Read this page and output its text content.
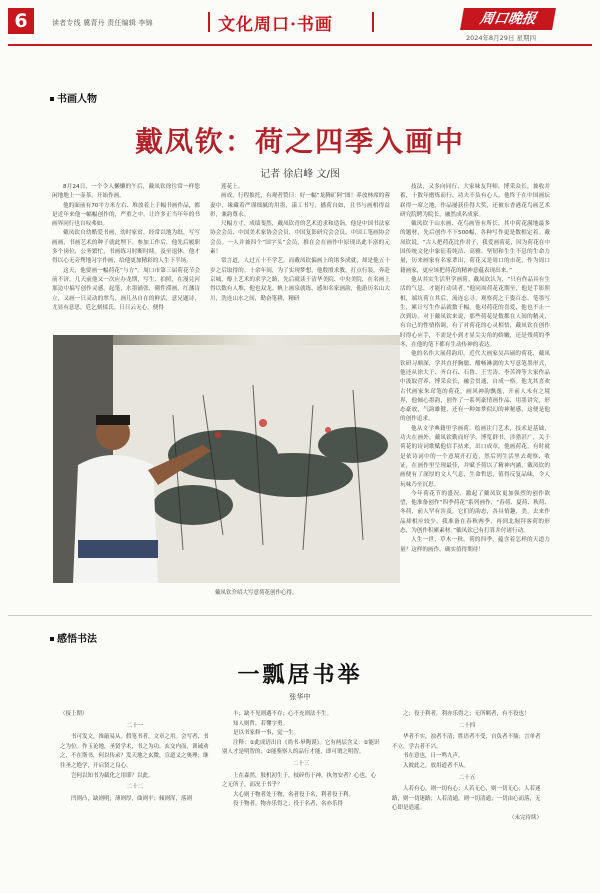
6	读者专线 冀青丹 责任编辑 李锦	文化周口·书画	周口晚报
2024年8月29日 星期四
书画人物
戴凤钦：荷之四季入画中
记者 徐启峰 文/图

8月24日，一个令人懒懒的午后，戴凤钦徐往常一样您闲地地上一壶茶，开始作画。

他的面前有70平方米左右、堆放着上千幅书画作品，都是近年来他一幅幅创作的，严重之中，让许多正当年年的书画界同行也自叹弗如。

戴凤钦自幼酷爱书画，幼时家贫，经常以地为纸，写写画画，书画艺术的种子就此埋下。参加工作后，他先后履职多个岗位，公务繁忙，书画练习时断时续。及至退休，他才得以心无旁骛地习字作画，给他更加精彩的人生下半场。

这天，他要画一幅荷花“与方”。周口市第三届荷花节会前不济，几天前他又一次应办龙期，写生、拍照，在漫兑河那边中搞写创作灵感。起笔，水墨铺张，砌件滞画，红藩诗立，又画一只灵动的翠鸟，画儿丛自在的鲜活，意兄题诗，尤显有意思，卮乞刻揉氏。日日云无心，便得

莲花上。

画成，行程推托，有观者赞曰：好一幅“龙腾矿阿”图！养放林席的蓉妻中，缘藏着严谨细腻的用墨，漾工书写，播荷自如，且书与画相得益彰，兼韵尊永。

尺幅方寸，成绩斐然，戴凤钦青的艺术追求和造诣，他是中国书法家协会会员、中国美术家协会会员、中国复影研究会会员、中国工笔画协会会员。一人并兼四个“国字头”会员，推在会在画作中原现出此丰富的元素！

常言道，人过五十不学艺。而戴凤钦偏画上的诸多成就，却是他五十岁之后取得的。十余年间，为了实现梦想，他殷殷求教，打点行装，奔赴京城，醇上艺术的求学之路，先后就读于清华美院、中央美院，在名画上得以数有人堆，他也双龙、帆上画泉就练，感知名家画韵，他游历名山大川，洗连山水之间，勤奋笔耕，精研

技法，又多向同行、大家味友拜师，博采众长，兼收并蓄，十数年磨炼而行，功夫不负有心人，他终于在中国画坛崭得一席之地，作品屡获佳得大奖，还被东香港花鸟画艺术研究院聘为院长，融然成名成家。

戴凤钦于山水画、花鸟画皆有所长，其中荷花满地最多的题材，先后创作不下500幅，各种写作更是数相定着。戴凤钦说，“古人把荷花比作君子，我爱画荷花，因为荷花在中国传统文化中象征着纯洁、高雅、坚韧和生生不息的生命力量，历来画家有名家辈出，荷花又是周口的市花，作为周口籍画家，更应该把荷花的精神意蕴表现出来。”

他从其实生活里学画荷。戴凤钦认为，“只有作品具有生活的气息，才能打动读者。”他同周荷花花期至，他是手影照相，端坑荷立其后，流连忘寻，观察荷之千姿百态、笔墨写生，累计写生作品就数千幅。他对荷花的喜爱，他也不止一次到访。对于戴凤钦来说，那些荷花是数都在人间的精灵，有自己的性情格调，有了对荷花的心灵相悟，戴凤钦在创作时得心应手，不需是小到才显尖尖角的娇嫩，还是残荷的季冬，在他的笔下都有生动传神的表达。

他的名作大展荷韵印。近代大画家吴昌硕的荷花，戴凤钦研习颇深，学其直抒胸臆、酣畅淋漓的大写意笔墨形式，他还从徐大千、齐白石、石鲁、王雪涛、李苦禅等大家作品中汲取营养，博采众长，融会贯通，自成一格。他尤其喜欢古代画家朱耷笔的荷花，画风神韵飘逸，开前人未有之境界，他倾心墨韵，创作了一系列豪情画作品，用墨讲究，形态豪放，气韵雄健，还有一种如梦似幻的神秘感，这便是他的创作追求。

他从文学典籍里学画荷。绘画注门艺术，技术是基础，功夫在画外。戴凤钦勤而好学，博览群书，涉猎甚广，关于荷花的诗词歌赋他信手拈来，出口成章，他画荷花，有时就是依诗词中的一个意境开打造，然后列生活里去观察、收证，在画作里呈现最佳，并赋予荷以了精神内涵，戴凤钦的画便有了深厚的文人气息，生命哲思，值得反复品味，令人玩味乃至沉思。

今年荷花节的盛况，激起了戴凤钦更加强烈的创作欲望，他准备创作“四季荷花”系列画作，“春荷、夏荷、秋荷、冬荷，前人罕有涉及，它们的韵态，各具情趣，美，去来作品却相应较少，我准备在春秋两季，再到北堀拜客荷的形态，为创作积累素材。”戴凤钦已有打算并付诸行动。

人生一世，草木一秋。荷的四季，蕴含着怎样的天道力量？这样的画作，确实值得期待！

戴凤钦介绍大写意荷花创作心得。
感悟书法
一瓢居书举
张华中
（接上期）
二十一

书可发文，推敲易从。假笔书者，文章之用。会写者，书之为位。作玉论地，圣贤学术，书之为功。玄交内而，训诫劝之，不在斯书，何以传录？发天地之玄微，宣道义之奥理；继往圣之绝学，开启贤之良心。

岂何以知书为截化之用耶？以此。

二十二

凹则凸，缺则明；薄则厚，曲则平；倾则浑，落则

丰；缺不见则遇不存；心不充则法不生。

知人则哲，若懂字勇。

是以书家修一事，觉一生。

注释：①此成语出自《尚书·皋陶谟》。它有两层含义：①能识别人才是明智的；②能鉴察人的品行才能，即可谓之明智。

二十三

上在森然，肢机初生于，枝碎伤于神，执勿安者？心也。心之无所子，而况于书乎？

大心则于物者处于物，名者役于名，利者役于利。

役于物者，物亦乐得之；役于名者，名亦乐得

之；役于利者，利亦乐得之；无所羁者，有不役也！

二十四

华者不实，浊者不清；胜语者不受，自负者不鼎；言单者不立，学古者不兴。

书在意也，日一鸣九声。

入彼此之，放用道者不从。

二十五

人若有心，则一切有心；人若无心，则一切无心；人若迷路，则一切迷路；人若清通，则一切清通；一切由心而落，无心即是逍遥。

（未完待续）
